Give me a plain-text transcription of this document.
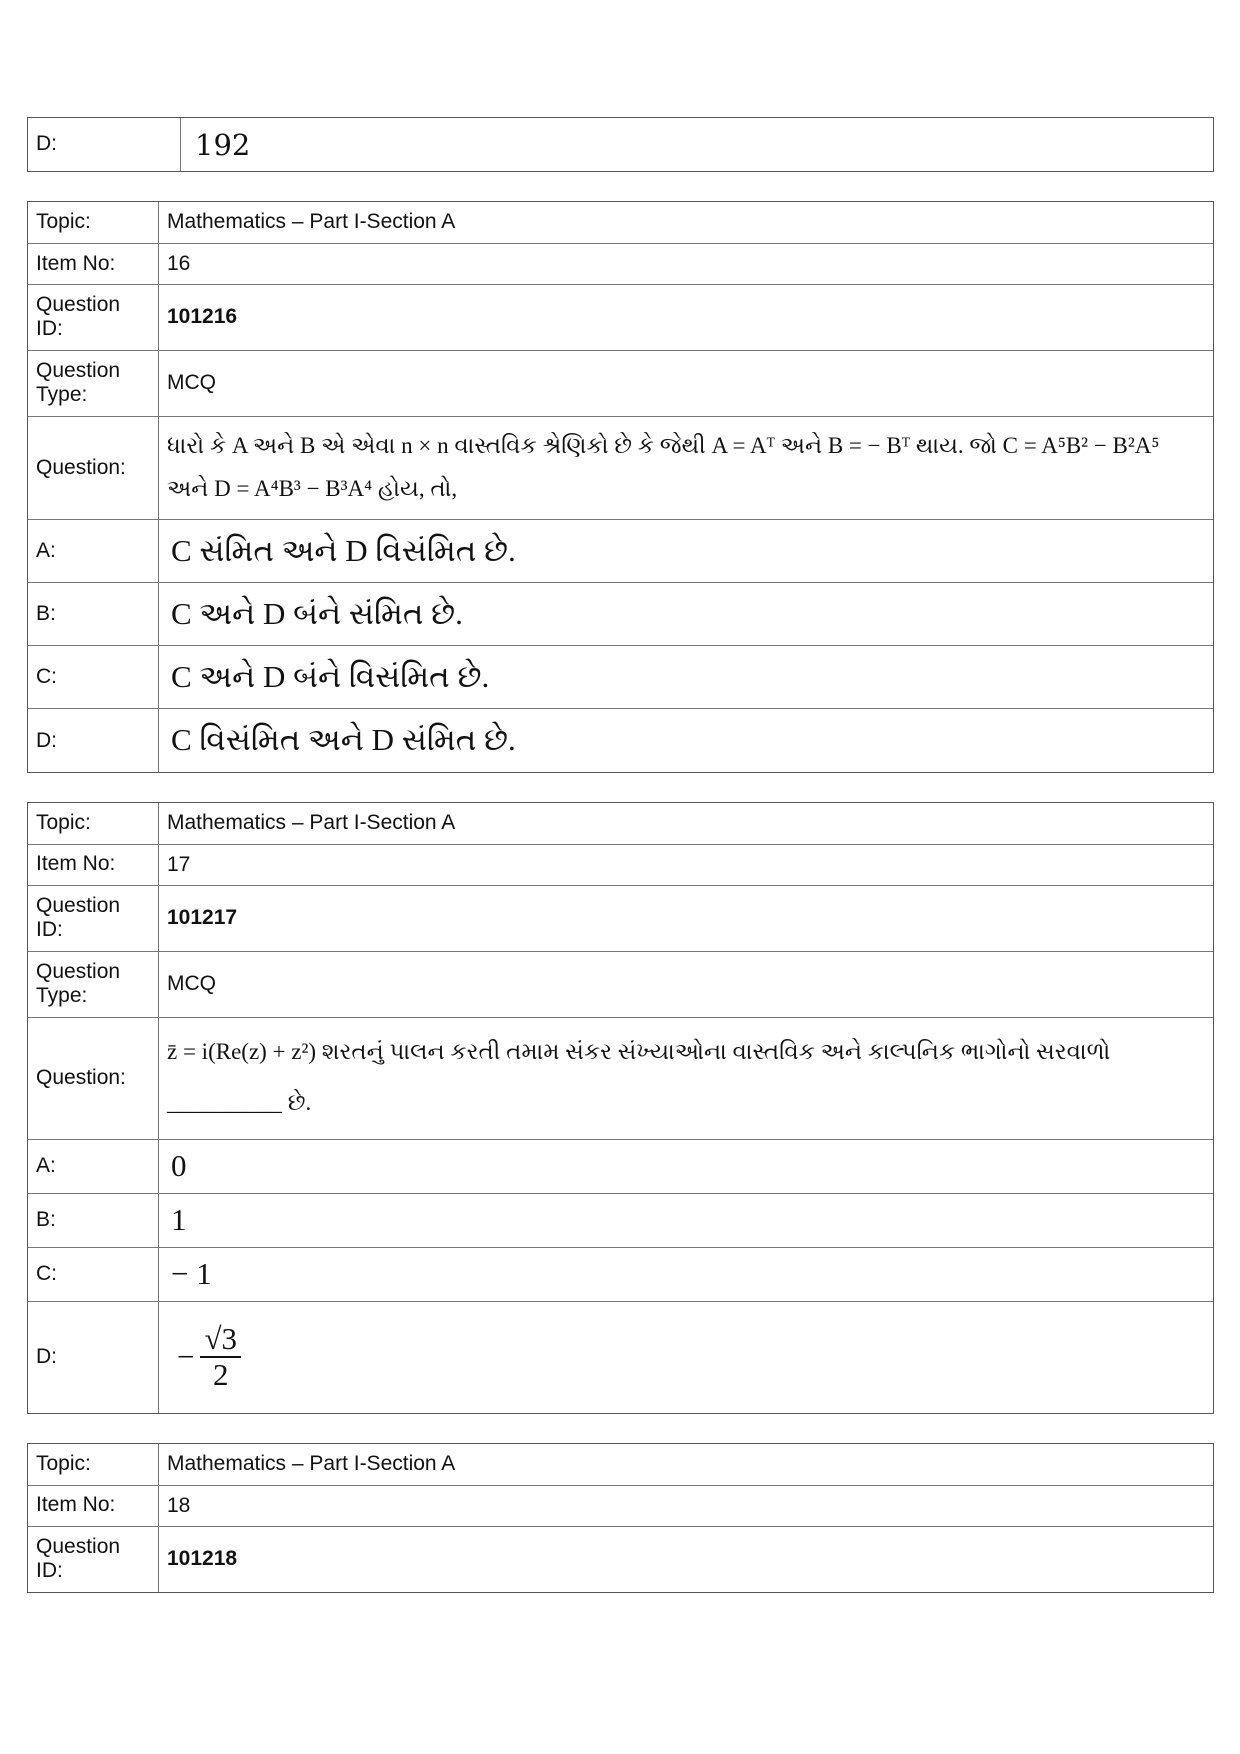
D:	192
Topic:	Mathematics – Part I-Section A
Item No:	16
Question ID:	101216
Question Type:	MCQ
Question:	ધારો કે A અને B એ એવા n × n વાસ્તવિક શ્રેણિકો છે કે જેથી A = Aᵀ અને B = − Bᵀ થાય. જો C = A⁵B² − B²A⁵
અને D = A⁴B³ − B³A⁴ હોય, તો,

A:	C સંમિત અને D વિસંમિત છે.
B:	C અને D બંને સંમિત છે.
C:	C અને D બંને વિસંમિત છે.
D:	C વિસંમિત અને D સંમિત છે.
Topic:	Mathematics – Part I-Section A
Item No:	17
Question ID:	101217
Question Type:	MCQ
Question:	z̄ = i(Re(z) + z²) શરતનું પાલન કરતી તમામ સંકર સંખ્યાઓના વાસ્તવિક અને કાલ્પનિક ભાગોનો સરવાળો
__________ છે.

A:	0
B:	1
C:	− 1
D:	− $\frac{√3}{2}$
Topic:	Mathematics – Part I-Section A
Item No:	18
Question ID:	101218
